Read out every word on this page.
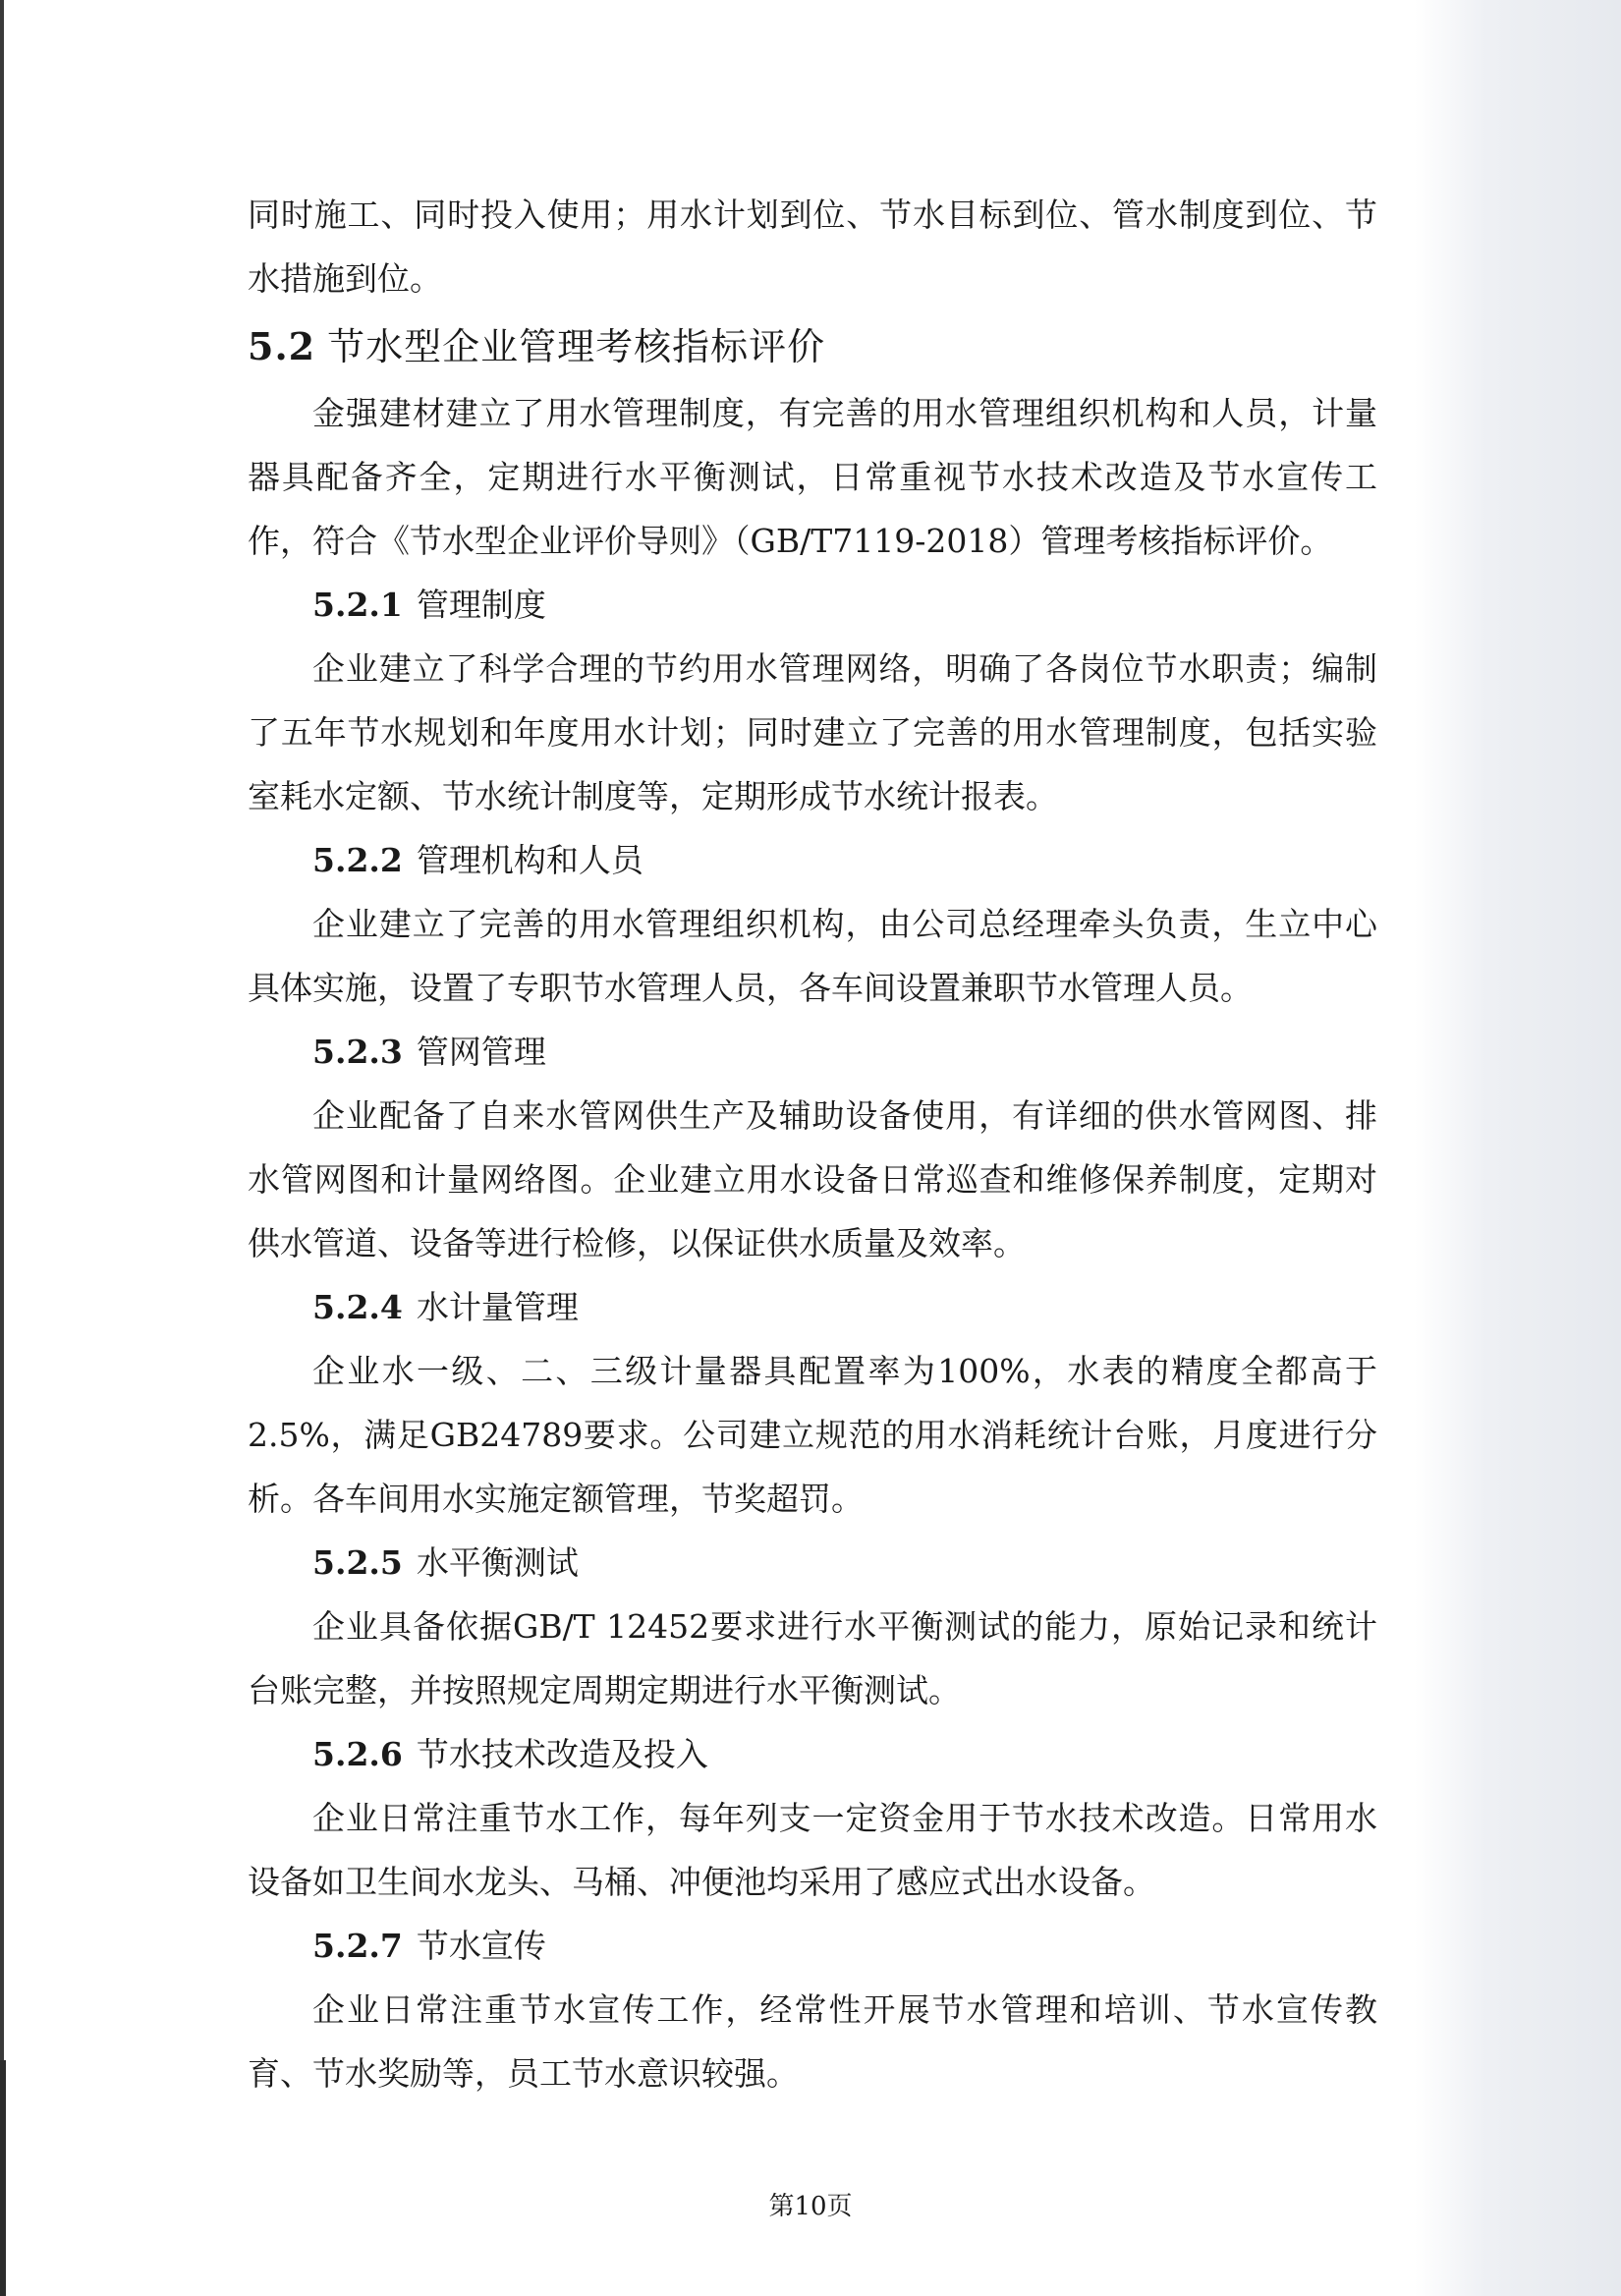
同时施工、同时投入使用；用水计划到位、节水目标到位、管水制度到位、节水措施到位。

5.2 节水型企业管理考核指标评价

金强建材建立了用水管理制度，有完善的用水管理组织机构和人员，计量器具配备齐全，定期进行水平衡测试，日常重视节水技术改造及节水宣传工作，符合《节水型企业评价导则》（GB/T7119-2018）管理考核指标评价。

5.2.1 管理制度

企业建立了科学合理的节约用水管理网络，明确了各岗位节水职责；编制了五年节水规划和年度用水计划；同时建立了完善的用水管理制度，包括实验室耗水定额、节水统计制度等，定期形成节水统计报表。

5.2.2 管理机构和人员

企业建立了完善的用水管理组织机构，由公司总经理牵头负责，生立中心具体实施，设置了专职节水管理人员，各车间设置兼职节水管理人员。

5.2.3 管网管理

企业配备了自来水管网供生产及辅助设备使用，有详细的供水管网图、排水管网图和计量网络图。企业建立用水设备日常巡查和维修保养制度，定期对供水管道、设备等进行检修，以保证供水质量及效率。

5.2.4 水计量管理

企业水一级、二、三级计量器具配置率为100%，水表的精度全都高于2.5%，满足GB24789要求。公司建立规范的用水消耗统计台账，月度进行分析。各车间用水实施定额管理，节奖超罚。

5.2.5 水平衡测试

企业具备依据GB/T 12452要求进行水平衡测试的能力，原始记录和统计台账完整，并按照规定周期定期进行水平衡测试。

5.2.6 节水技术改造及投入

企业日常注重节水工作，每年列支一定资金用于节水技术改造。日常用水设备如卫生间水龙头、马桶、冲便池均采用了感应式出水设备。

5.2.7 节水宣传

企业日常注重节水宣传工作，经常性开展节水管理和培训、节水宣传教育、节水奖励等，员工节水意识较强。

第10页
